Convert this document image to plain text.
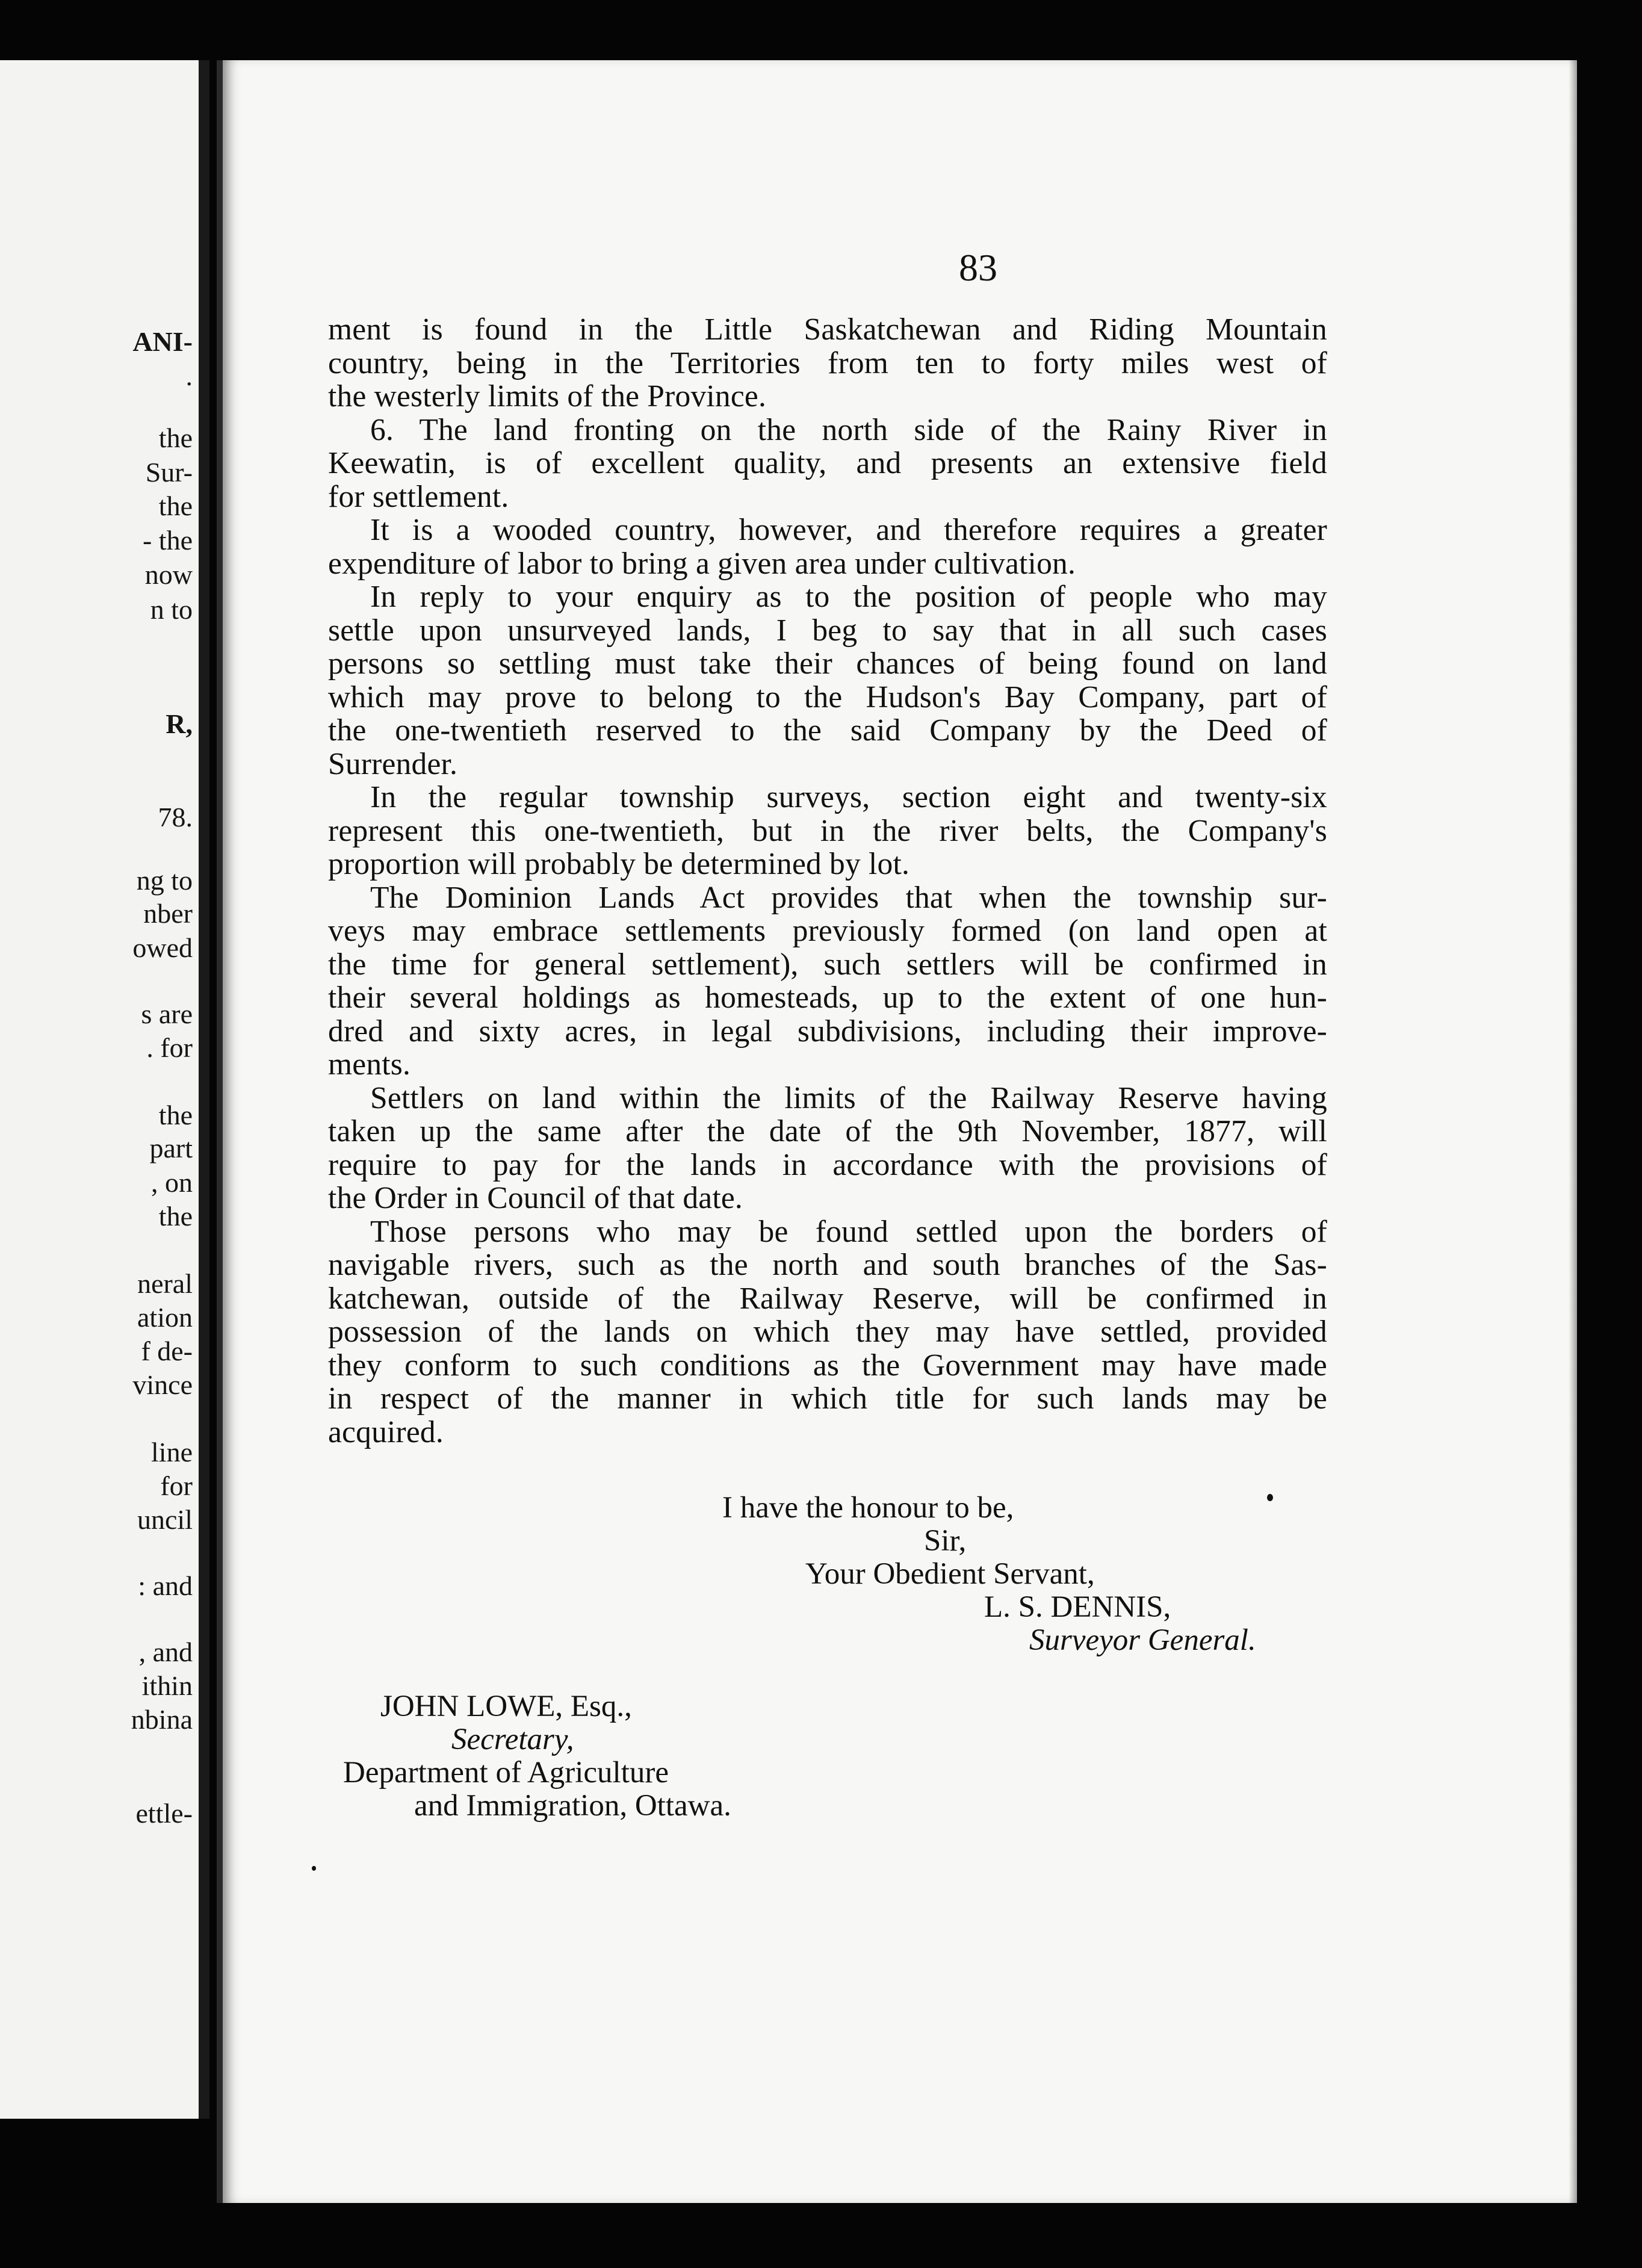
ANI-
.
the
Sur-
the
- the
now
n to
R,
78.
ng to
nber
owed
s are
. for
the
part
, on
the
neral
ation
f de-
vince
line
for
uncil
: and
, and
ithin
nbina
ettle-
83
ment is found in the Little Saskatchewan and Riding Mountain
country, being in the Territories from ten to forty miles west of
the westerly limits of the Province.
6. The land fronting on the north side of the Rainy River in
Keewatin, is of excellent quality, and presents an extensive field
for settlement.
It is a wooded country, however, and therefore requires a greater
expenditure of labor to bring a given area under cultivation.
In reply to your enquiry as to the position of people who may
settle upon unsurveyed lands, I beg to say that in all such cases
persons so settling must take their chances of being found on land
which may prove to belong to the Hudson's Bay Company, part of
the one-twentieth reserved to the said Company by the Deed of
Surrender.
In the regular township surveys, section eight and twenty-six
represent this one-twentieth, but in the river belts, the Company's
proportion will probably be determined by lot.
The Dominion Lands Act provides that when the township sur-
veys may embrace settlements previously formed (on land open at
the time for general settlement), such settlers will be confirmed in
their several holdings as homesteads, up to the extent of one hun-
dred and sixty acres, in legal subdivisions, including their improve-
ments.
Settlers on land within the limits of the Railway Reserve having
taken up the same after the date of the 9th November, 1877, will
require to pay for the lands in accordance with the provisions of
the Order in Council of that date.
Those persons who may be found settled upon the borders of
navigable rivers, such as the north and south branches of the Sas-
katchewan, outside of the Railway Reserve, will be confirmed in
possession of the lands on which they may have settled, provided
they conform to such conditions as the Government may have made
in respect of the manner in which title for such lands may be
acquired.
I have the honour to be,
Sir,
Your Obedient Servant,
L. S. DENNIS,
Surveyor General.
JOHN LOWE, Esq.,
Secretary,
Department of Agriculture
and Immigration, Ottawa.
